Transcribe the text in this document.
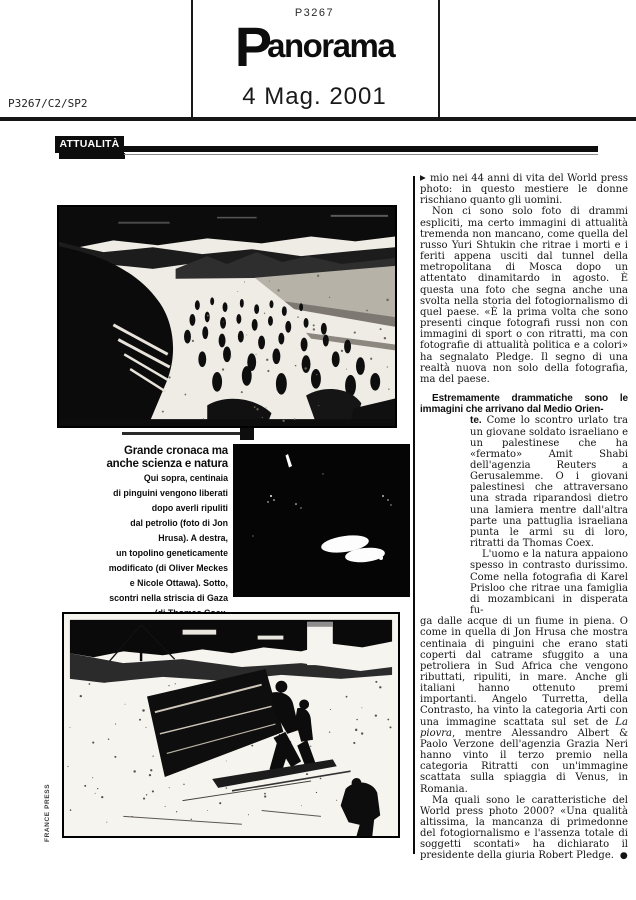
P3267
Panorama
4 Mag. 2001
P3267/C2/SP2
ATTUALITÀ
Grande cronaca ma
anche scienza e natura
Qui sopra, centinaia
di pinguini vengono liberati
dopo averli ripuliti
dal petrolio (foto di Jon
Hrusa). A destra,
un topolino geneticamente
modificato (di Oliver Meckes
e Nicole Ottawa). Sotto,
scontri nella striscia di Gaza
FRANCE PRESS

▶ mio nei 44 anni di vita del World press photo: in questo mestiere le donne rischiano quanto gli uomini.

Non ci sono solo foto di drammi espliciti, ma certo immagini di attualità tremenda non mancano, come quella del russo Yuri Shtukin che ritrae i morti e i feriti appena usciti dal tunnel della metropolitana di Mosca dopo un attentato dinamitardo in agosto. È questa una foto che segna anche una svolta nella storia del fotogiornalismo di quel paese. «È la prima volta che sono presenti cinque fotografi russi non con immagini di sport o con ritratti, ma con fotografie di attualità politica e a colori» ha segnalato Pledge. Il segno di una realtà nuova non solo della fotografia, ma del paese.

Estremamente drammatiche sono le immagini che arrivano dal Medio Orien-

te. Come lo scontro urlato tra un giovane soldato israeliano e un palestinese che ha «fermato» Amit Shabi dell'agenzia Reuters a Gerusalemme. O i giovani palestinesi che attraversano una strada riparandosi dietro una lamiera mentre dall'altra parte una pattuglia israeliana punta le armi su di loro, ritratti da Thomas Coex.

L'uomo e la natura appaiono spesso in contrasto durissimo. Come nella fotografia di Karel Prisloo che ritrae una famiglia di mozambicani in disperata fu-

ga dalle acque di un fiume in piena. O come in quella di Jon Hrusa che mostra centinaia di pinguini che erano stati coperti dal catrame sfuggito a una petroliera in Sud Africa che vengono ributtati, ripuliti, in mare. Anche gli italiani hanno ottenuto premi importanti. Angelo Turretta, della Contrasto, ha vinto la categoria Arti con una immagine scattata sul set de La piovra, mentre Alessandro Albert & Paolo Verzone dell'agenzia Grazia Neri hanno vinto il terzo premio nella categoria Ritratti con un'immagine scattata sulla spiaggia di Venus, in Romania.

Ma quali sono le caratteristiche del World press photo 2000? «Una qualità altissima, la mancanza di primedonne del fotogiornalismo e l'assenza totale di soggetti scontati» ha dichiarato il presidente della giuria Robert Pledge. ●
